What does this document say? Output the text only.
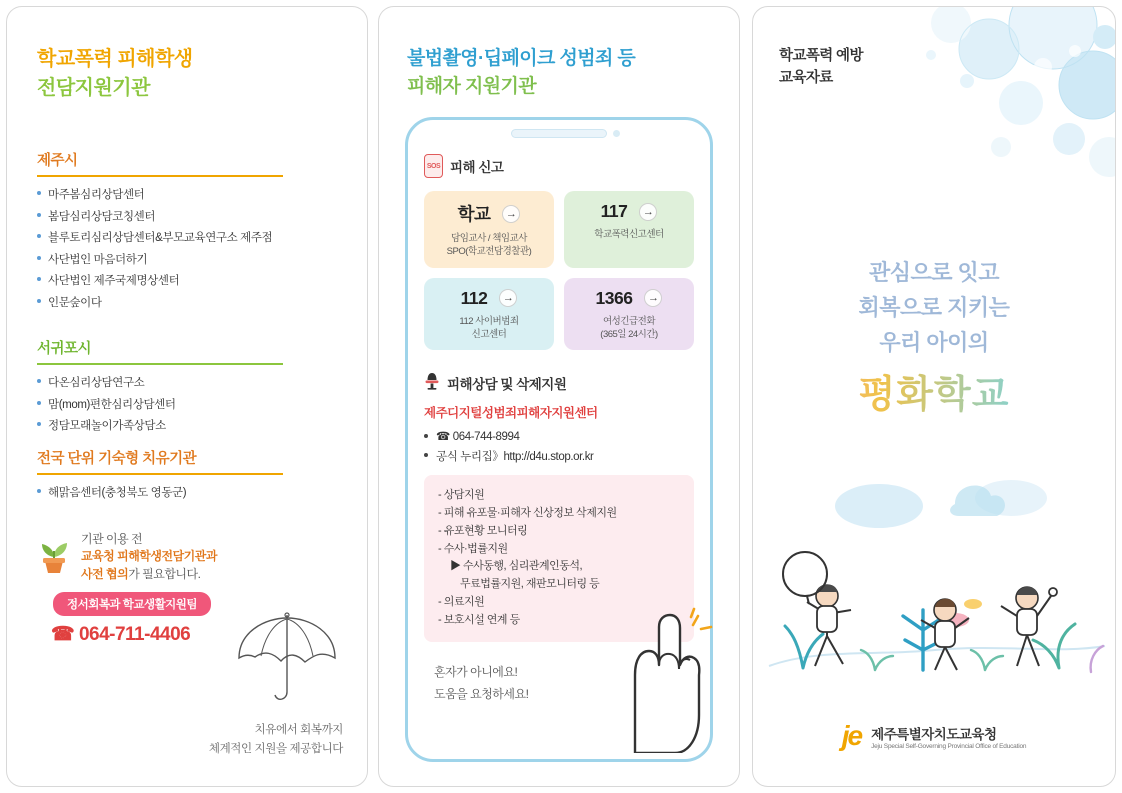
학교폭력 피해학생
전담지원기관
제주시
마주봄심리상담센터
봄담심리상담코칭센터
블루토리심리상담센터&부모교육연구소 제주점
사단법인 마음더하기
사단법인 제주국제명상센터
인문숲이다
서귀포시
다온심리상담연구소
맘(mom)편한심리상담센터
정담모래놀이가족상담소
전국 단위 기숙형 치유기관
해맑음센터(충청북도 영동군)
기관 이용 전
교육청 피해학생전담기관과
사전 협의가 필요합니다.
정서회복과 학교생활지원팀
☎ 064-711-4406
치유에서 회복까지
체계적인 지원을 제공합니다
불법촬영·딥페이크 성범죄 등
피해자 지원기관
SOS 피해 신고
학교	→
담임교사 / 책임교사
SPO(학교전담경찰관)
117	→
학교폭력신고센터
112	→
112 사이버범죄
신고센터
1366	→
여성긴급전화
(365일 24시간)
피해상담 및 삭제지원
제주디지털성범죄피해자지원센터
☎ 064-744-8994
공식 누리집》http://d4u.stop.or.kr
- 상담지원
- 피해 유포물·피해자 신상정보 삭제지원
- 유포현황 모니터링
- 수사·법률지원
▶ 수사동행, 심리관계인동석,
무료법률지원, 재판모니터링 등
- 의료지원
- 보호시설 연계 등
혼자가 아니에요!
도움을 요청하세요!
학교폭력 예방
교육자료
관심으로 잇고
회복으로 지키는
우리 아이의
평화학교
je 제주특별자치도교육청
Jeju Special Self-Governing Provincial Office of Education
